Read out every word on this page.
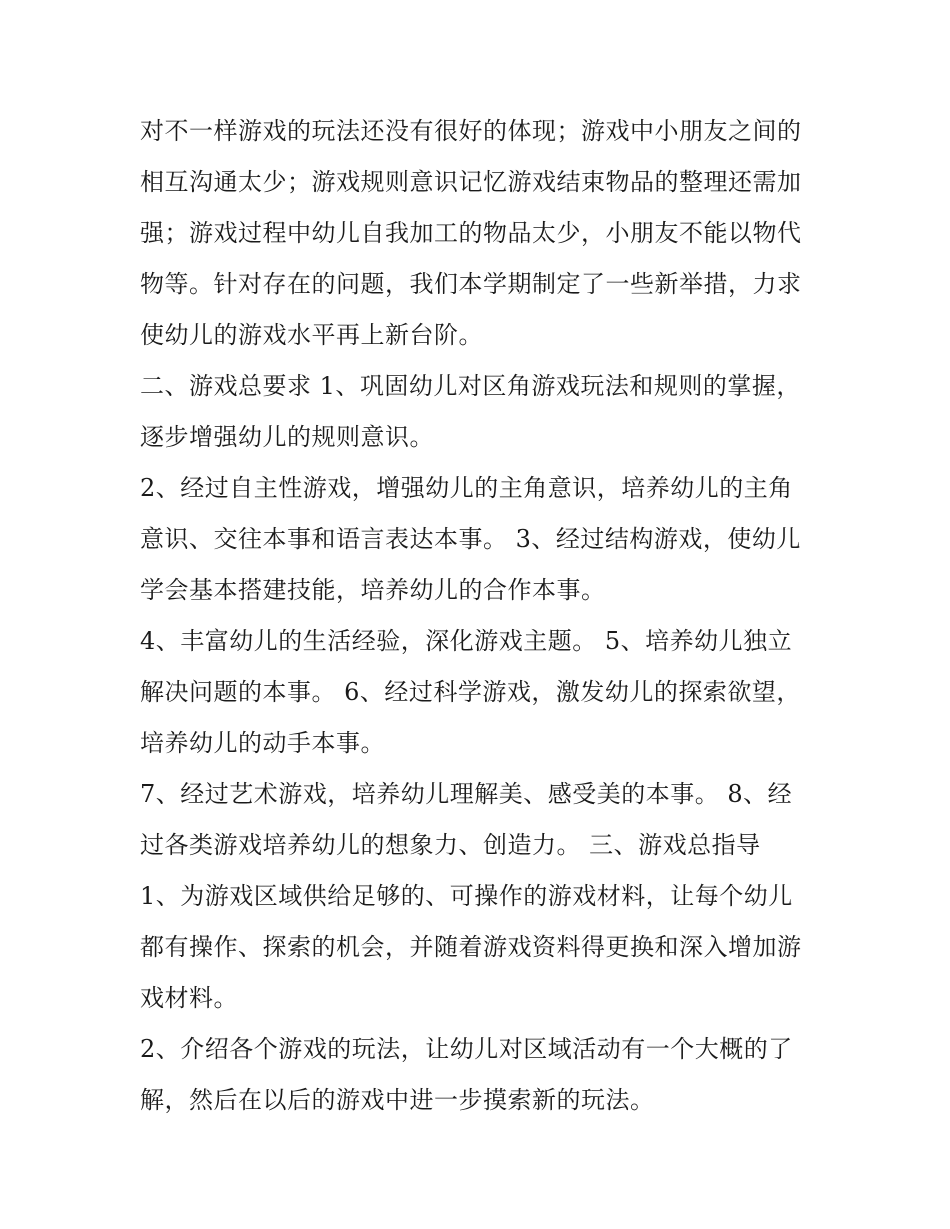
对不一样游戏的玩法还没有很好的体现；游戏中小朋友之间的相互沟通太少；游戏规则意识记忆游戏结束物品的整理还需加强；游戏过程中幼儿自我加工的物品太少，小朋友不能以物代物等。针对存在的问题，我们本学期制定了一些新举措，力求使幼儿的游戏水平再上新台阶。

二、游戏总要求 1、巩固幼儿对区角游戏玩法和规则的掌握，逐步增强幼儿的规则意识。

2、经过自主性游戏，增强幼儿的主角意识，培养幼儿的主角意识、交往本事和语言表达本事。 3、经过结构游戏，使幼儿学会基本搭建技能，培养幼儿的合作本事。

4、丰富幼儿的生活经验，深化游戏主题。 5、培养幼儿独立解决问题的本事。 6、经过科学游戏，激发幼儿的探索欲望，培养幼儿的动手本事。

7、经过艺术游戏，培养幼儿理解美、感受美的本事。 8、经过各类游戏培养幼儿的想象力、创造力。 三、游戏总指导

1、为游戏区域供给足够的、可操作的游戏材料，让每个幼儿都有操作、探索的机会，并随着游戏资料得更换和深入增加游戏材料。

2、介绍各个游戏的玩法，让幼儿对区域活动有一个大概的了解，然后在以后的游戏中进一步摸索新的玩法。
